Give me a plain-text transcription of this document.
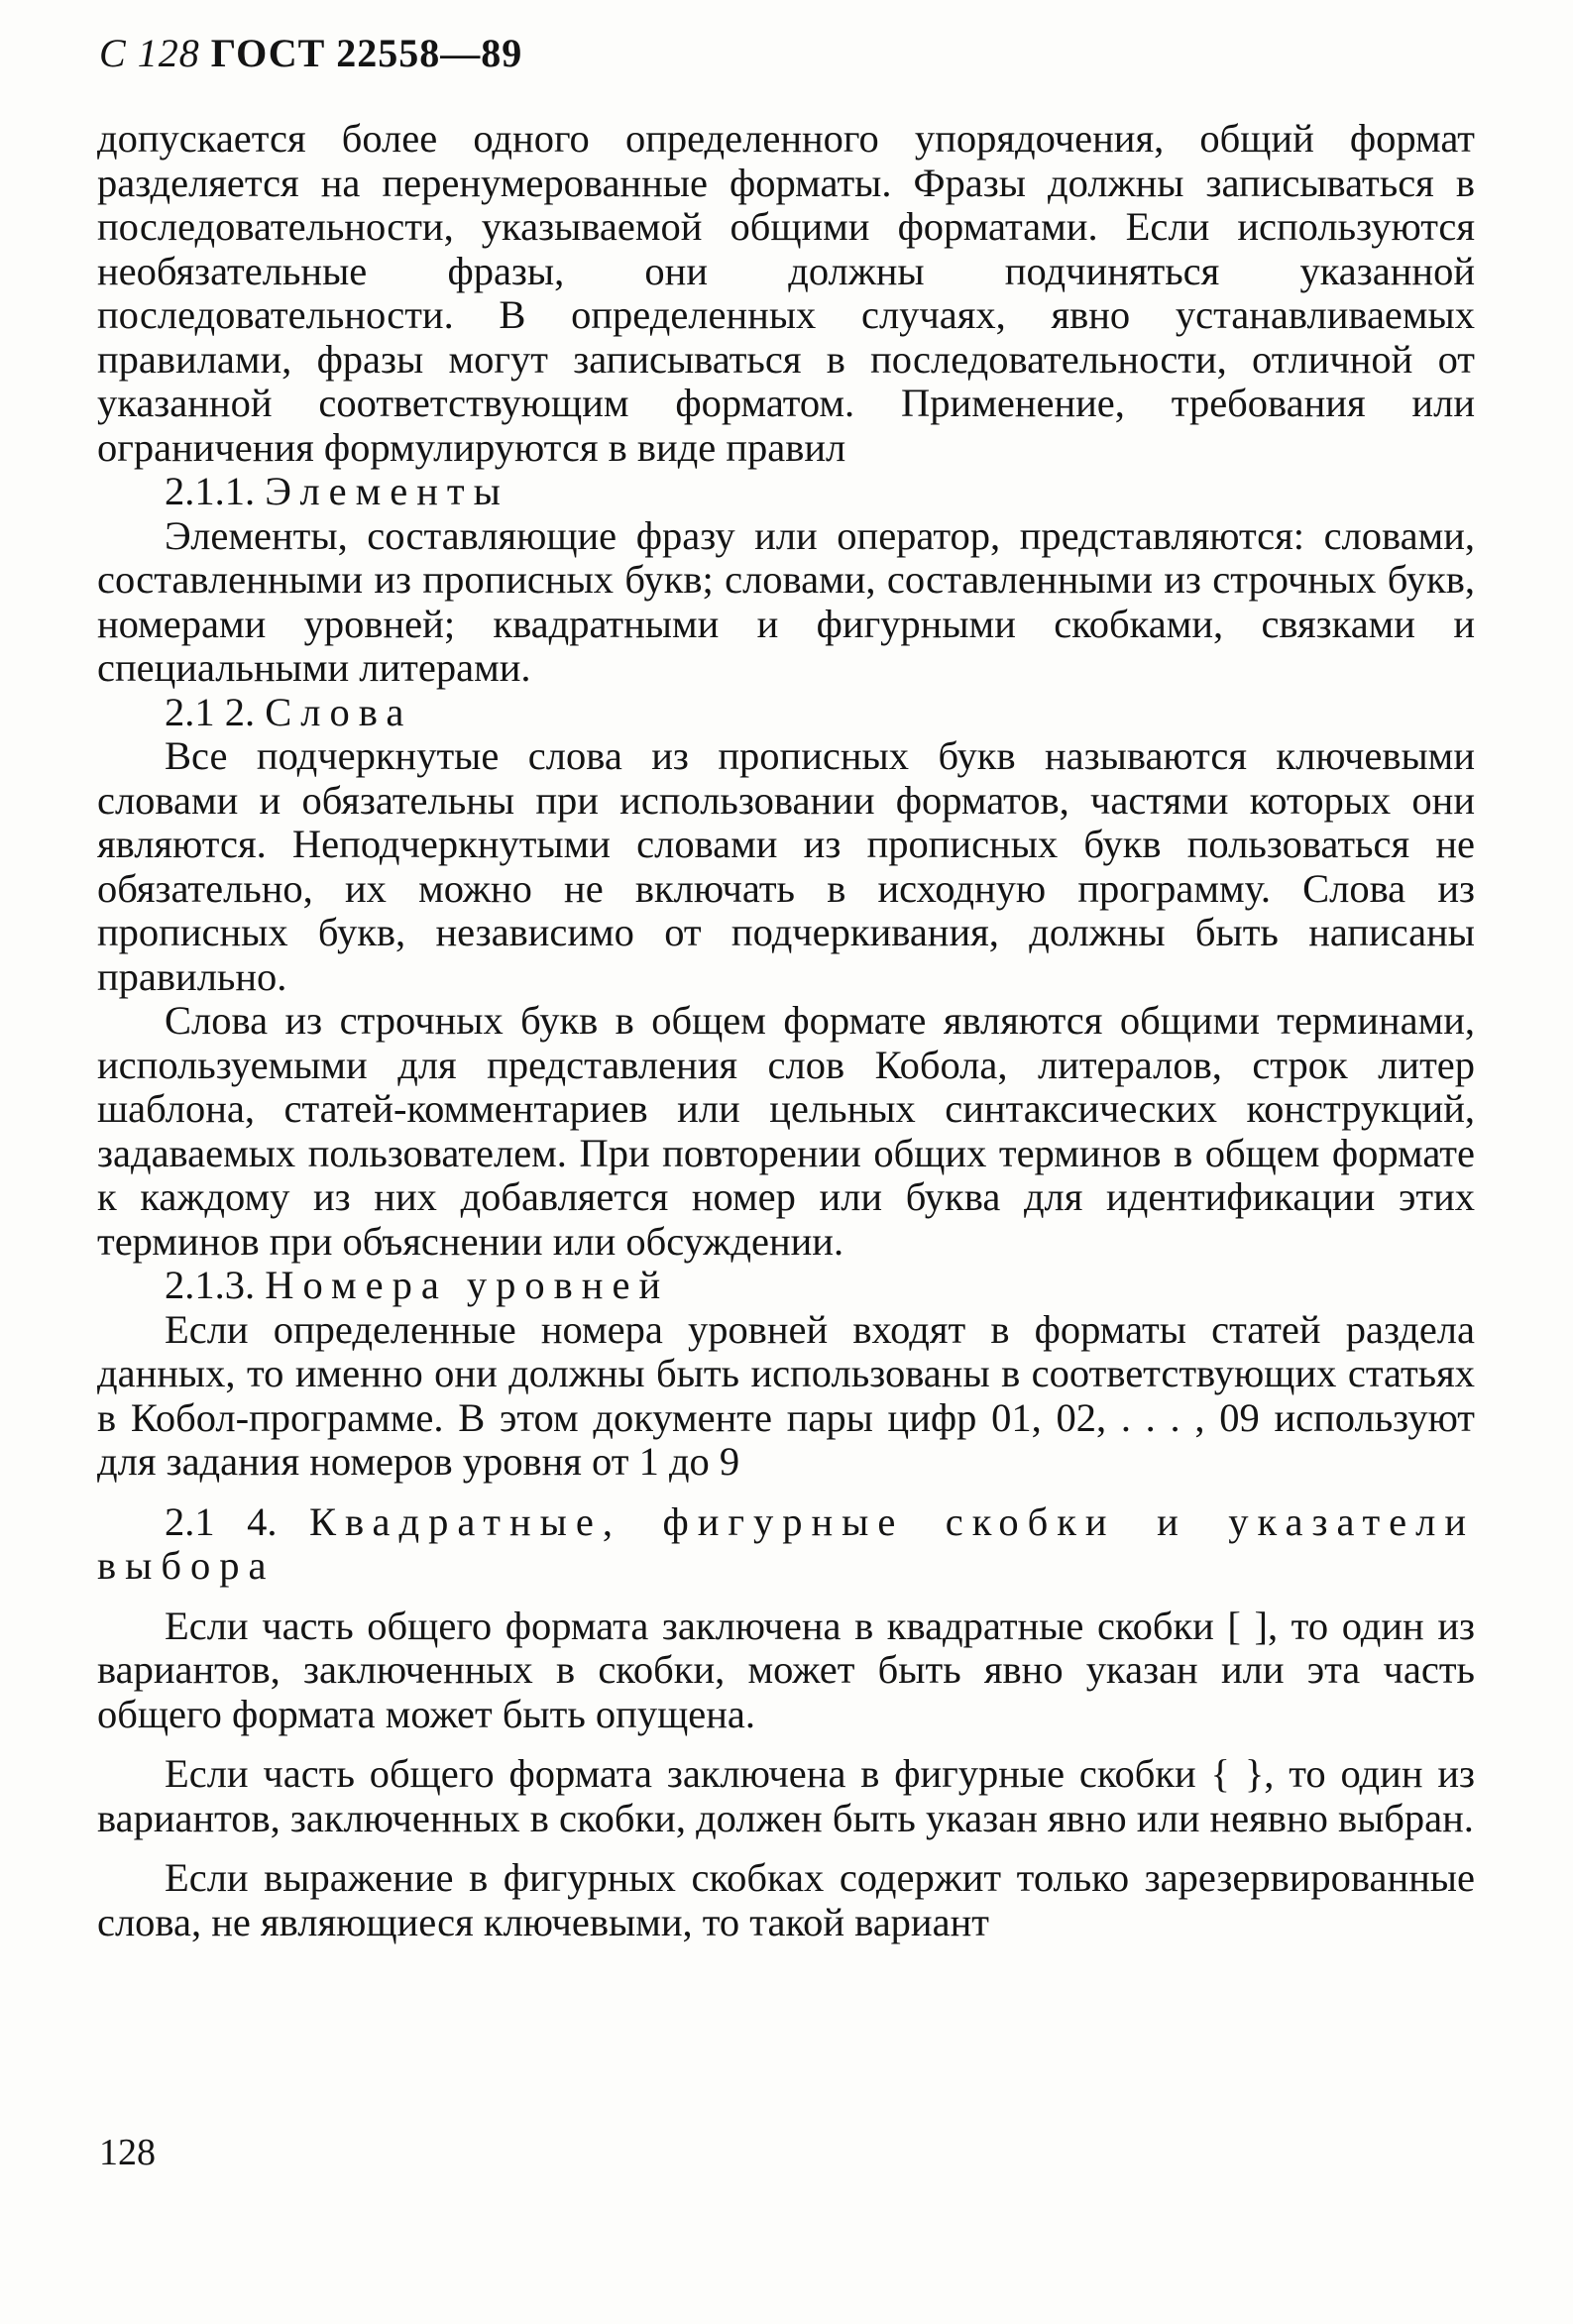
С 128 ГОСТ 22558—89

допускается более одного определенного упорядочения, общий формат разделяется на перенумерованные форматы. Фразы должны записываться в последовательности, указываемой общими форматами. Если используются необязательные фразы, они должны подчиняться указанной последовательности. В определенных случаях, явно устанавливаемых правилами, фразы могут записываться в последовательности, отличной от указанной соответствующим форматом. Применение, требования или ограничения формулируются в виде правил

2.1.1. Элементы

Элементы, составляющие фразу или оператор, представляются: словами, составленными из прописных букв; словами, составленными из строчных букв, номерами уровней; квадратными и фигурными скобками, связками и специальными литерами.

2.1 2. Слова

Все подчеркнутые слова из прописных букв называются ключевыми словами и обязательны при использовании форматов, частями которых они являются. Неподчеркнутыми словами из прописных букв пользоваться не обязательно, их можно не включать в исходную программу. Слова из прописных букв, независимо от подчеркивания, должны быть написаны правильно.

Слова из строчных букв в общем формате являются общими терминами, используемыми для представления слов Кобола, литералов, строк литер шаблона, статей-комментариев или цельных синтаксических конструкций, задаваемых пользователем. При повторении общих терминов в общем формате к каждому из них добавляется номер или буква для идентификации этих терминов при объяснении или обсуждении.

2.1.3. Номера уровней

Если определенные номера уровней входят в форматы статей раздела данных, то именно они должны быть использованы в соответствующих статьях в Кобол-программе. В этом документе пары цифр 01, 02, . . . , 09 используют для задания номеров уровня от 1 до 9

2.1 4. Квадратные, фигурные скобки и указатели выбора

Если часть общего формата заключена в квадратные скобки [ ], то один из вариантов, заключенных в скобки, может быть явно указан или эта часть общего формата может быть опущена.

Если часть общего формата заключена в фигурные скобки { }, то один из вариантов, заключенных в скобки, должен быть указан явно или неявно выбран.

Если выражение в фигурных скобках содержит только зарезервированные слова, не являющиеся ключевыми, то такой вариант

128
